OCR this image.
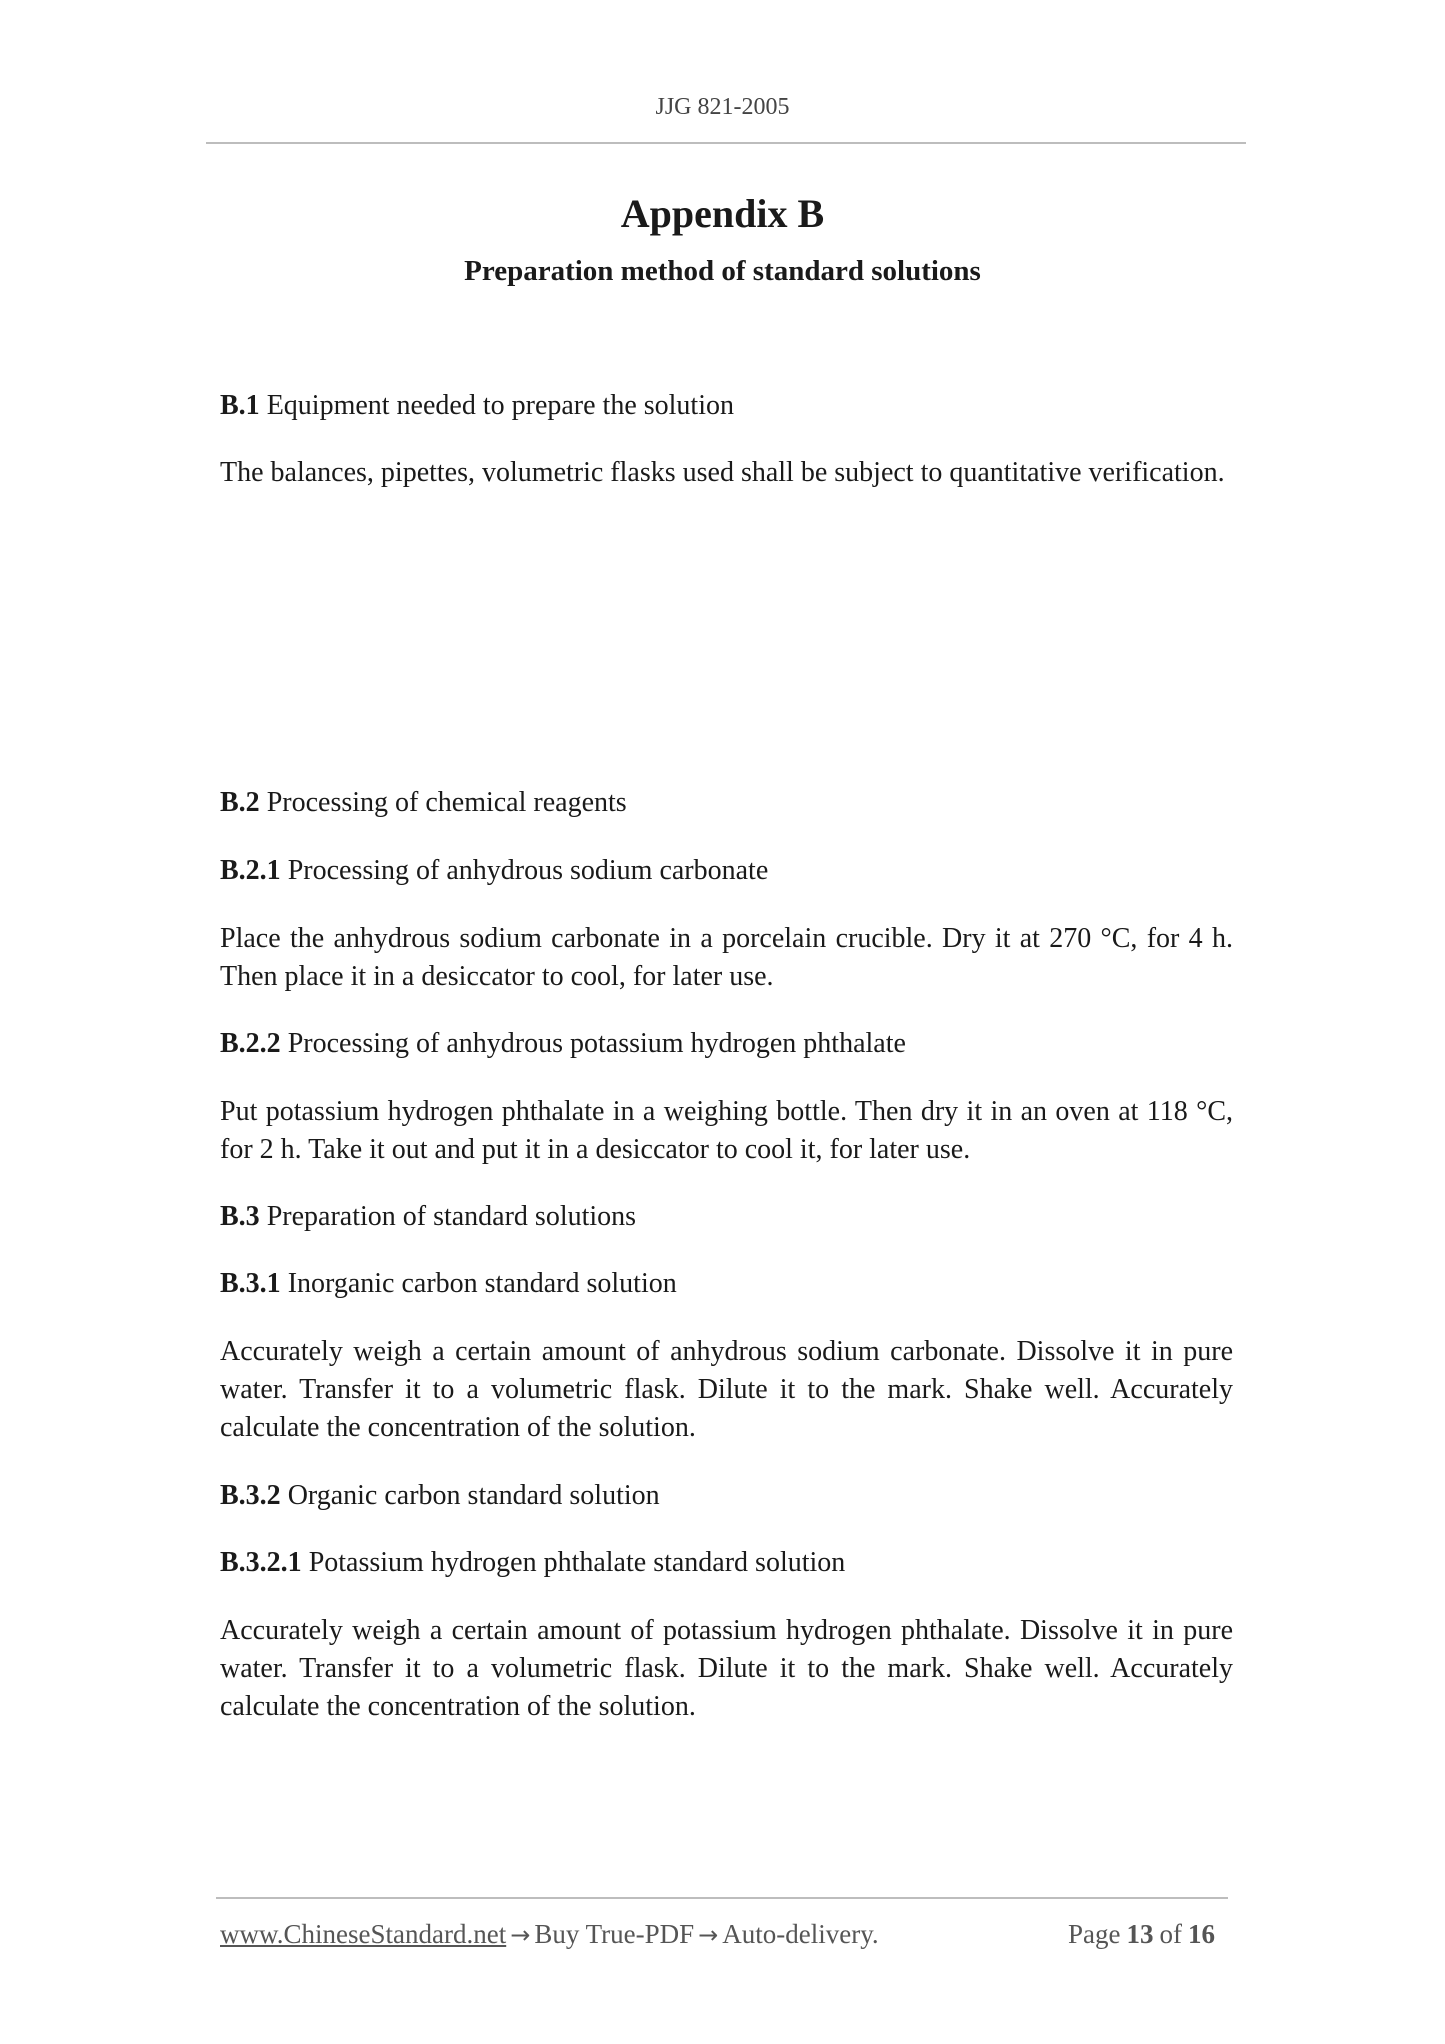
JJG 821-2005
Appendix B
Preparation method of standard solutions

B.1 Equipment needed to prepare the solution

The balances, pipettes, volumetric flasks used shall be subject to quantitative verification.

B.2 Processing of chemical reagents

B.2.1 Processing of anhydrous sodium carbonate

Place the anhydrous sodium carbonate in a porcelain crucible. Dry it at 270 °C, for 4 h. Then place it in a desiccator to cool, for later use.

B.2.2 Processing of anhydrous potassium hydrogen phthalate

Put potassium hydrogen phthalate in a weighing bottle. Then dry it in an oven at 118 °C, for 2 h. Take it out and put it in a desiccator to cool it, for later use.

B.3 Preparation of standard solutions

B.3.1 Inorganic carbon standard solution

Accurately weigh a certain amount of anhydrous sodium carbonate. Dissolve it in pure water. Transfer it to a volumetric flask. Dilute it to the mark. Shake well. Accurately calculate the concentration of the solution.

B.3.2 Organic carbon standard solution

B.3.2.1 Potassium hydrogen phthalate standard solution

Accurately weigh a certain amount of potassium hydrogen phthalate. Dissolve it in pure water. Transfer it to a volumetric flask. Dilute it to the mark. Shake well. Accurately calculate the concentration of the solution.

www.ChineseStandard.net → Buy True-PDF → Auto-delivery.	Page 13 of 16
